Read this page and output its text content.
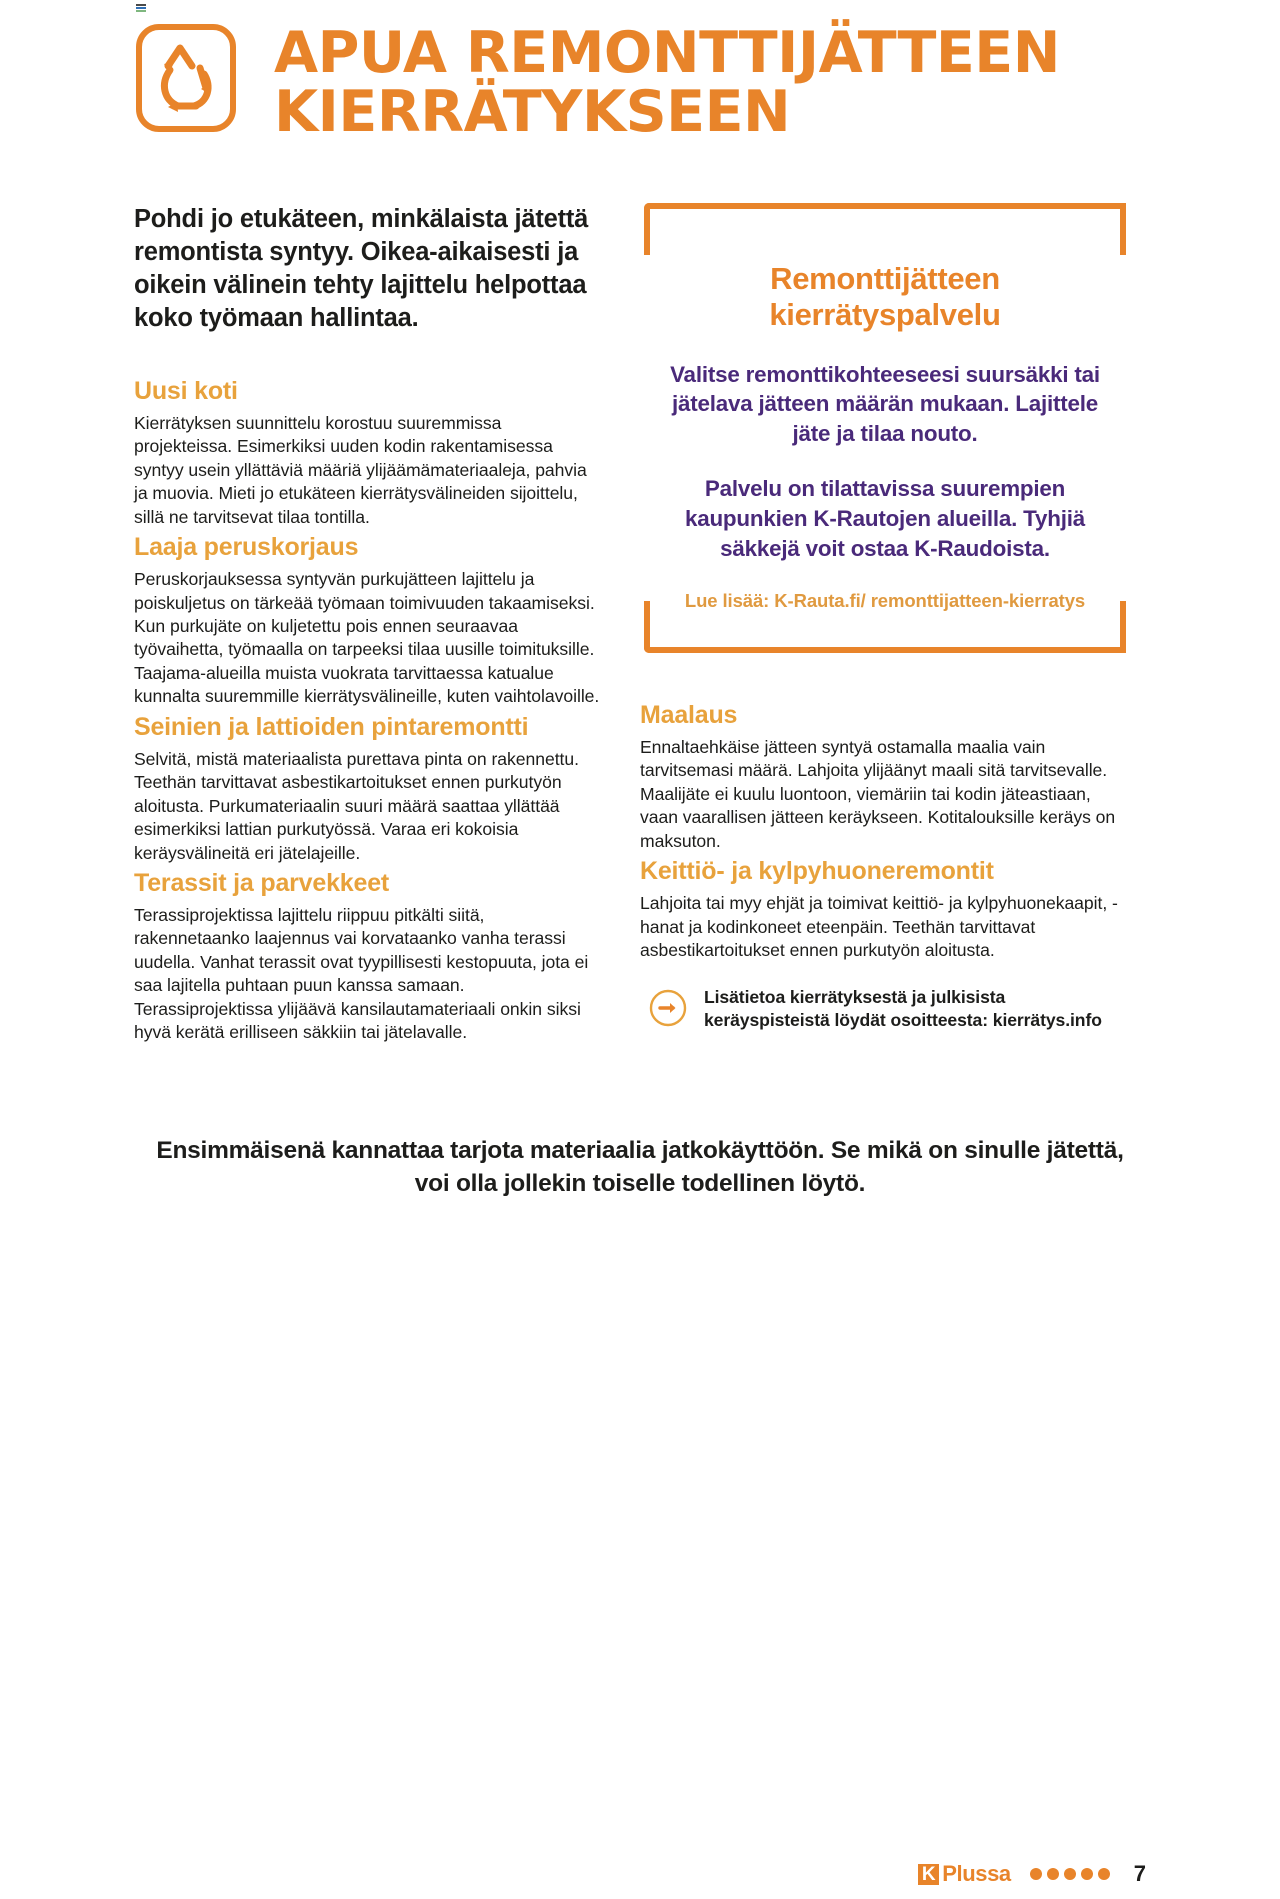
APUA REMONTTIJÄTTEEN KIERRÄTYKSEEN
Pohdi jo etukäteen, minkälaista jätettä remontista syntyy. Oikea-aikaisesti ja oikein välinein tehty lajittelu helpottaa koko työmaan hallintaa.
Uusi koti

Kierrätyksen suunnittelu korostuu suuremmissa projekteissa. Esimerkiksi uuden kodin rakentamisessa syntyy usein yllättäviä määriä ylijäämämateriaaleja, pahvia ja muovia. Mieti jo etukäteen kierrätysvälineiden sijoittelu, sillä ne tarvitsevat tilaa tontilla.

Laaja peruskorjaus

Peruskorjauksessa syntyvän purkujätteen lajittelu ja poiskuljetus on tärkeää työmaan toimivuuden takaamiseksi. Kun purkujäte on kuljetettu pois ennen seuraavaa työvaihetta, työmaalla on tarpeeksi tilaa uusille toimituksille. Taajama-alueilla muista vuokrata tarvittaessa katualue kunnalta suuremmille kierrätysvälineille, kuten vaihtolavoille.

Seinien ja lattioiden pintaremontti

Selvitä, mistä materiaalista purettava pinta on rakennettu. Teethän tarvittavat asbestikartoitukset ennen purkutyön aloitusta. Purkumateriaalin suuri määrä saattaa yllättää esimerkiksi lattian purkutyössä. Varaa eri kokoisia keräysvälineitä eri jätelajeille.

Terassit ja parvekkeet

Terassiprojektissa lajittelu riippuu pitkälti siitä, rakennetaanko laajennus vai korvataanko vanha terassi uudella. Vanhat terassit ovat tyypillisesti kestopuuta, jota ei saa lajitella puhtaan puun kanssa samaan. Terassiprojektissa ylijäävä kansilautamateriaali onkin siksi hyvä kerätä erilliseen säkkiin tai jätelavalle.

Remonttijätteen kierrätyspalvelu

Valitse remonttikohteeseesi suursäkki tai jätelava jätteen määrän mukaan. Lajittele jäte ja tilaa nouto.

Palvelu on tilattavissa suurempien kaupunkien K-Rautojen alueilla. Tyhjiä säkkejä voit ostaa K-Raudoista.

Lue lisää: K-Rauta.fi/ remonttijatteen-kierratys

Maalaus

Ennaltaehkäise jätteen syntyä ostamalla maalia vain tarvitsemasi määrä. Lahjoita ylijäänyt maali sitä tarvitsevalle. Maalijäte ei kuulu luontoon, viemäriin tai kodin jäteastiaan, vaan vaarallisen jätteen keräykseen. Kotitalouksille keräys on maksuton.

Keittiö- ja kylpyhuoneremontit

Lahjoita tai myy ehjät ja toimivat keittiö- ja kylpyhuonekaapit, -hanat ja kodinkoneet eteenpäin. Teethän tarvittavat asbestikartoitukset ennen purkutyön aloitusta.

Lisätietoa kierrätyksestä ja julkisista keräyspisteistä löydät osoitteesta: kierrätys.info
Ensimmäisenä kannattaa tarjota materiaalia jatkokäyttöön. Se mikä on sinulle jätettä, voi olla jollekin toiselle todellinen löytö.
K Plussa	7
